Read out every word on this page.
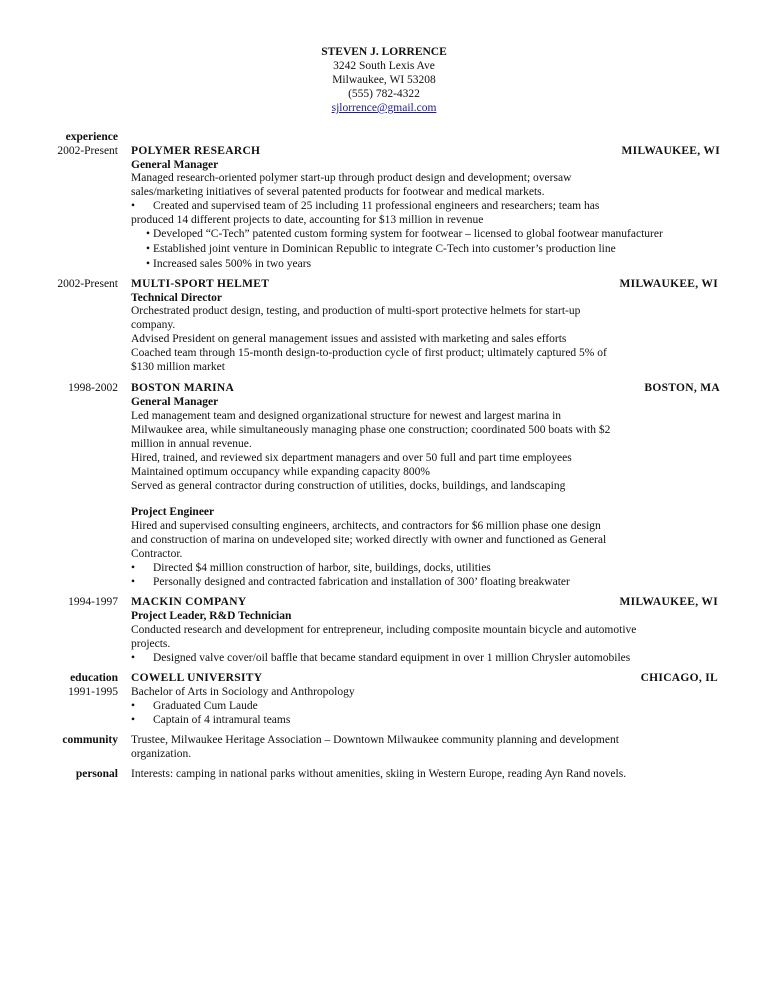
STEVEN J. LORRENCE
3242 South Lexis Ave
Milwaukee, WI 53208
(555) 782-4322
sjlorrence@gmail.com
experience
2002-Present POLYMER RESEARCH	MILWAUKEE, WI
General Manager
Managed research-oriented polymer start-up through product design and development; oversaw
sales/marketing initiatives of several patented products for footwear and medical markets.
•
Created and supervised team of 25 including 11 professional engineers and researchers; team has
produced 14 different projects to date, accounting for $13 million in revenue
•
Developed “C-Tech” patented custom forming system for footwear – licensed to global footwear manufacturer
•
Established joint venture in Dominican Republic to integrate C-Tech into customer’s production line
•
Increased sales 500% in two years
2002-Present MULTI-SPORT HELMET	MILWAUKEE, WI
Technical Director
Orchestrated product design, testing, and production of multi-sport protective helmets for start-up
company.
Advised President on general management issues and assisted with marketing and sales efforts
Coached team through 15-month design-to-production cycle of first product; ultimately captured 5% of
$130 million market
1998-2002 BOSTON MARINA	BOSTON, MA
General Manager
Led management team and designed organizational structure for newest and largest marina in
Milwaukee area, while simultaneously managing phase one construction; coordinated 500 boats with $2
million in annual revenue.
Hired, trained, and reviewed six department managers and over 50 full and part time employees
Maintained optimum occupancy while expanding capacity 800%
Served as general contractor during construction of utilities, docks, buildings, and landscaping
Project Engineer
Hired and supervised consulting engineers, architects, and contractors for $6 million phase one design
and construction of marina on undeveloped site; worked directly with owner and functioned as General
Contractor.
•
Directed $4 million construction of harbor, site, buildings, docks, utilities
•
Personally designed and contracted fabrication and installation of 300’ floating breakwater
1994-1997 MACKIN COMPANY	MILWAUKEE, WI
Project Leader, R&D Technician
Conducted research and development for entrepreneur, including composite mountain bicycle and automotive
projects.
•
Designed valve cover/oil baffle that became standard equipment in over 1 million Chrysler automobiles
education COWELL UNIVERSITY	CHICAGO, IL
1991-1995 Bachelor of Arts in Sociology and Anthropology
•
Graduated Cum Laude
•
Captain of 4 intramural teams
community Trustee, Milwaukee Heritage Association – Downtown Milwaukee community planning and development
organization.
personal Interests: camping in national parks without amenities, skiing in Western Europe, reading Ayn Rand novels.
